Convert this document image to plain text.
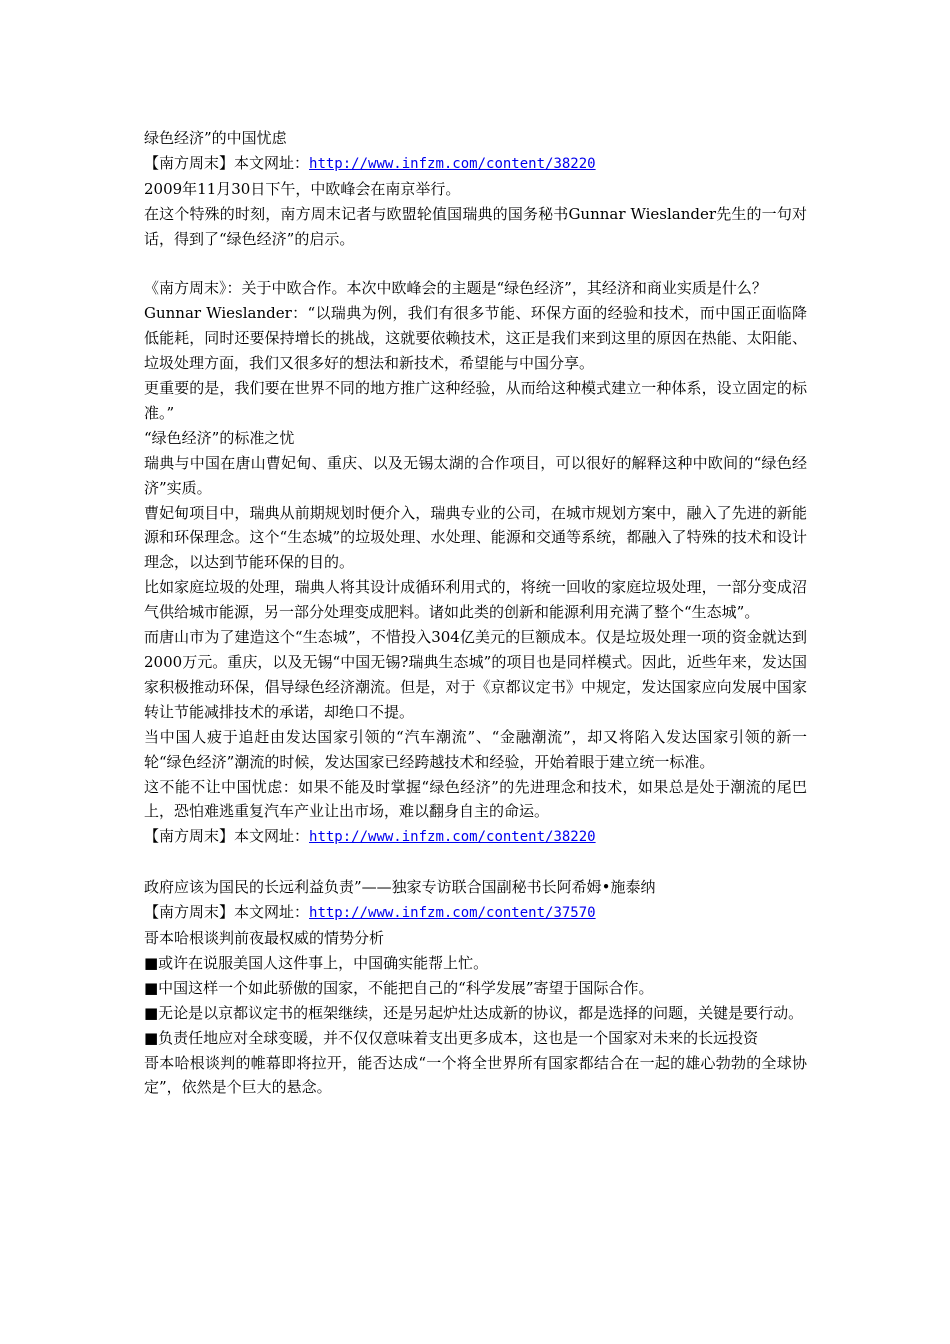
绿色经济”的中国忧虑

【南方周末】本文网址：http://www.infzm.com/content/38220

2009年11月30日下午，中欧峰会在南京举行。

在这个特殊的时刻，南方周末记者与欧盟轮值国瑞典的国务秘书Gunnar Wieslander先生的一句对话，得到了“绿色经济”的启示。

《南方周末》：关于中欧合作。本次中欧峰会的主题是“绿色经济”，其经济和商业实质是什么？

Gunnar Wieslander：“以瑞典为例，我们有很多节能、环保方面的经验和技术，而中国正面临降低能耗，同时还要保持增长的挑战，这就要依赖技术，这正是我们来到这里的原因在热能、太阳能、垃圾处理方面，我们又很多好的想法和新技术，希望能与中国分享。

更重要的是，我们要在世界不同的地方推广这种经验，从而给这种模式建立一种体系，设立固定的标准。”

“绿色经济”的标准之忧

瑞典与中国在唐山曹妃甸、重庆、以及无锡太湖的合作项目，可以很好的解释这种中欧间的“绿色经济”实质。

曹妃甸项目中，瑞典从前期规划时便介入，瑞典专业的公司，在城市规划方案中，融入了先进的新能源和环保理念。这个“生态城”的垃圾处理、水处理、能源和交通等系统，都融入了特殊的技术和设计理念，以达到节能环保的目的。

比如家庭垃圾的处理，瑞典人将其设计成循环利用式的，将统一回收的家庭垃圾处理，一部分变成沼气供给城市能源，另一部分处理变成肥料。诸如此类的创新和能源利用充满了整个“生态城”。

而唐山市为了建造这个“生态城”，不惜投入304亿美元的巨额成本。仅是垃圾处理一项的资金就达到2000万元。重庆，以及无锡“中国无锡?瑞典生态城”的项目也是同样模式。因此，近些年来，发达国家积极推动环保，倡导绿色经济潮流。但是，对于《京都议定书》中规定，发达国家应向发展中国家转让节能减排技术的承诺，却绝口不提。

当中国人疲于追赶由发达国家引领的“汽车潮流”、“金融潮流”，却又将陷入发达国家引领的新一轮“绿色经济”潮流的时候，发达国家已经跨越技术和经验，开始着眼于建立统一标准。

这不能不让中国忧虑：如果不能及时掌握“绿色经济”的先进理念和技术，如果总是处于潮流的尾巴上，恐怕难逃重复汽车产业让出市场，难以翻身自主的命运。

【南方周末】本文网址：http://www.infzm.com/content/38220

政府应该为国民的长远利益负责”——独家专访联合国副秘书长阿希姆•施泰纳

【南方周末】本文网址：http://www.infzm.com/content/37570

哥本哈根谈判前夜最权威的情势分析

■或许在说服美国人这件事上，中国确实能帮上忙。

■中国这样一个如此骄傲的国家，不能把自己的“科学发展”寄望于国际合作。

■无论是以京都议定书的框架继续，还是另起炉灶达成新的协议，都是选择的问题，关键是要行动。

■负责任地应对全球变暖，并不仅仅意味着支出更多成本，这也是一个国家对未来的长远投资

哥本哈根谈判的帷幕即将拉开，能否达成“一个将全世界所有国家都结合在一起的雄心勃勃的全球协定”，依然是个巨大的悬念。
